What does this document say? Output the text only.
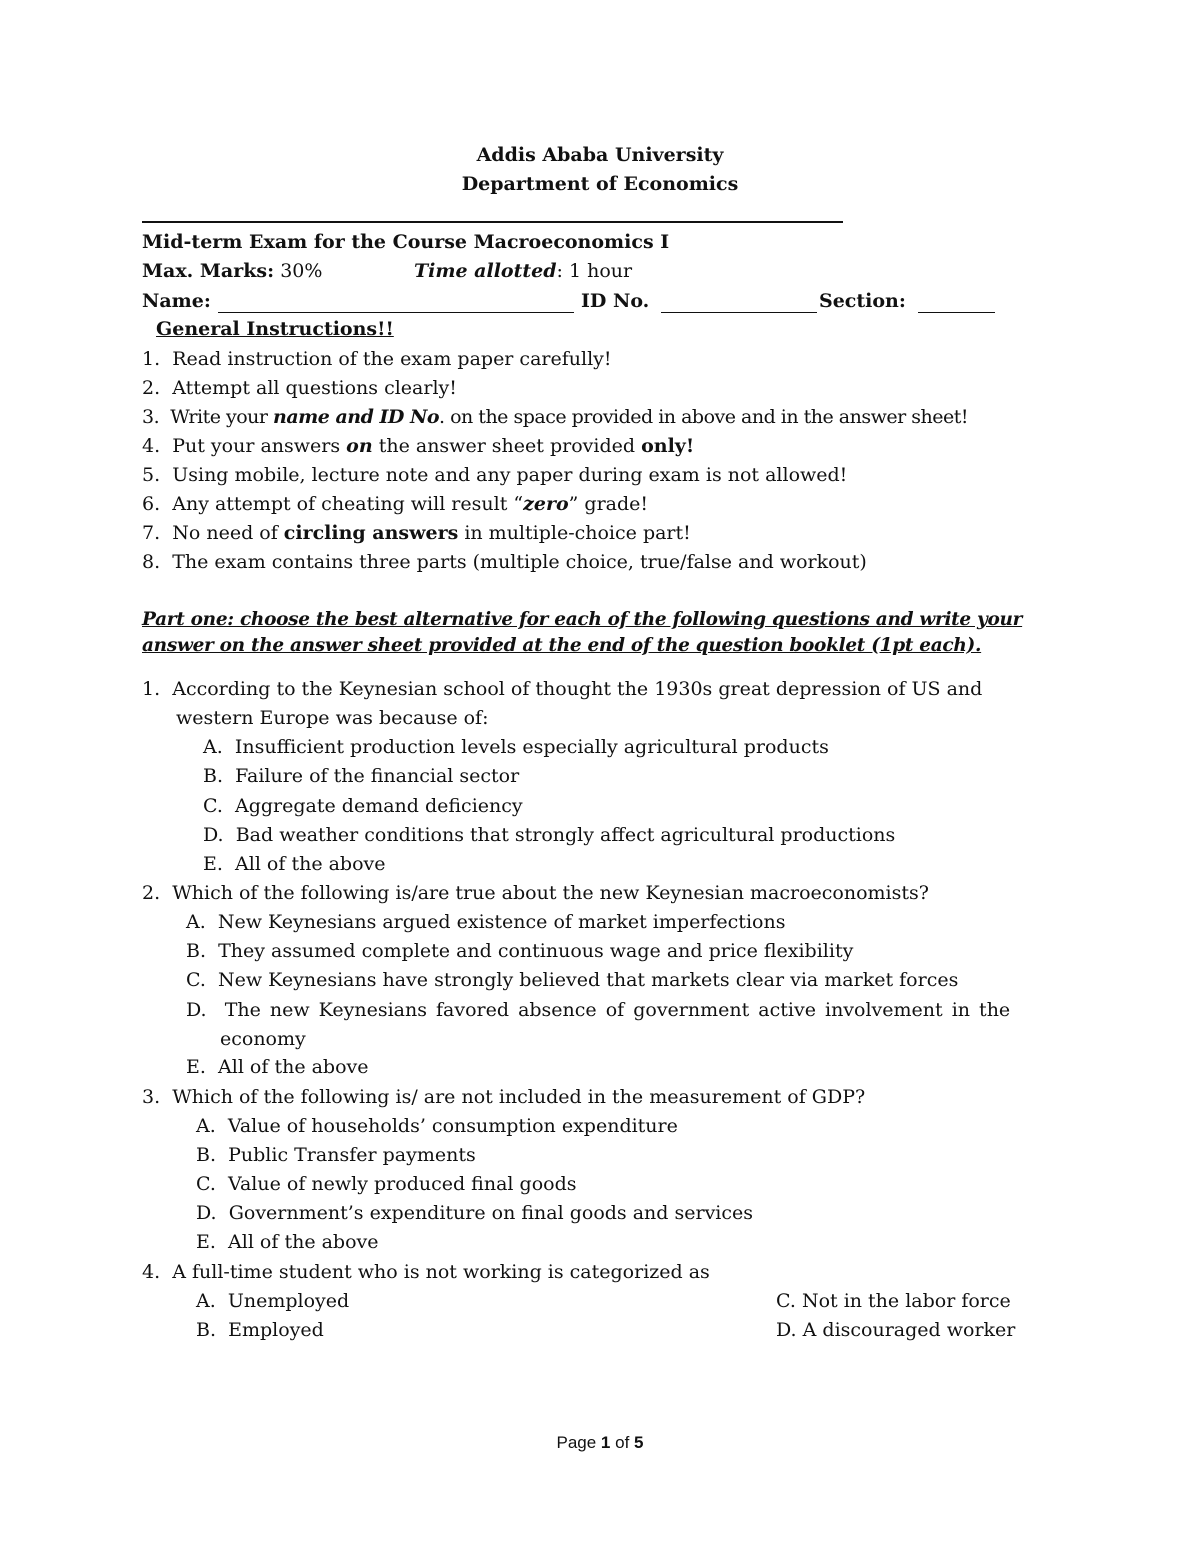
Addis Ababa University
Department of Economics
Mid-term Exam for the Course Macroeconomics I
Max. Marks: 30%	Time allotted: 1 hour
Name:	ID No.	Section:
General Instructions!!
1. Read instruction of the exam paper carefully!
2. Attempt all questions clearly!
3. Write your name and ID No. on the space provided in above and in the answer sheet!
4. Put your answers on the answer sheet provided only!
5. Using mobile, lecture note and any paper during exam is not allowed!
6. Any attempt of cheating will result “zero” grade!
7. No need of circling answers in multiple-choice part!
8. The exam contains three parts (multiple choice, true/false and workout)
Part one: choose the best alternative for each of the following questions and write your
answer on the answer sheet provided at the end of the question booklet (1pt each).
1. According to the Keynesian school of thought the 1930s great depression of US and
western Europe was because of:
A. Insufficient production levels especially agricultural products
B. Failure of the financial sector
C. Aggregate demand deficiency
D. Bad weather conditions that strongly affect agricultural productions
E. All of the above
2. Which of the following is/are true about the new Keynesian macroeconomists?
A. New Keynesians argued existence of market imperfections
B. They assumed complete and continuous wage and price flexibility
C. New Keynesians have strongly believed that markets clear via market forces
D. The new Keynesians favored absence of government active involvement in the
economy
E. All of the above
3. Which of the following is/ are not included in the measurement of GDP?
A. Value of households’ consumption expenditure
B. Public Transfer payments
C. Value of newly produced final goods
D. Government’s expenditure on final goods and services
E. All of the above
4. A full-time student who is not working is categorized as
A. Unemployed
B. Employed
C. Not in the labor force
D. A discouraged worker
Page 1 of 5
